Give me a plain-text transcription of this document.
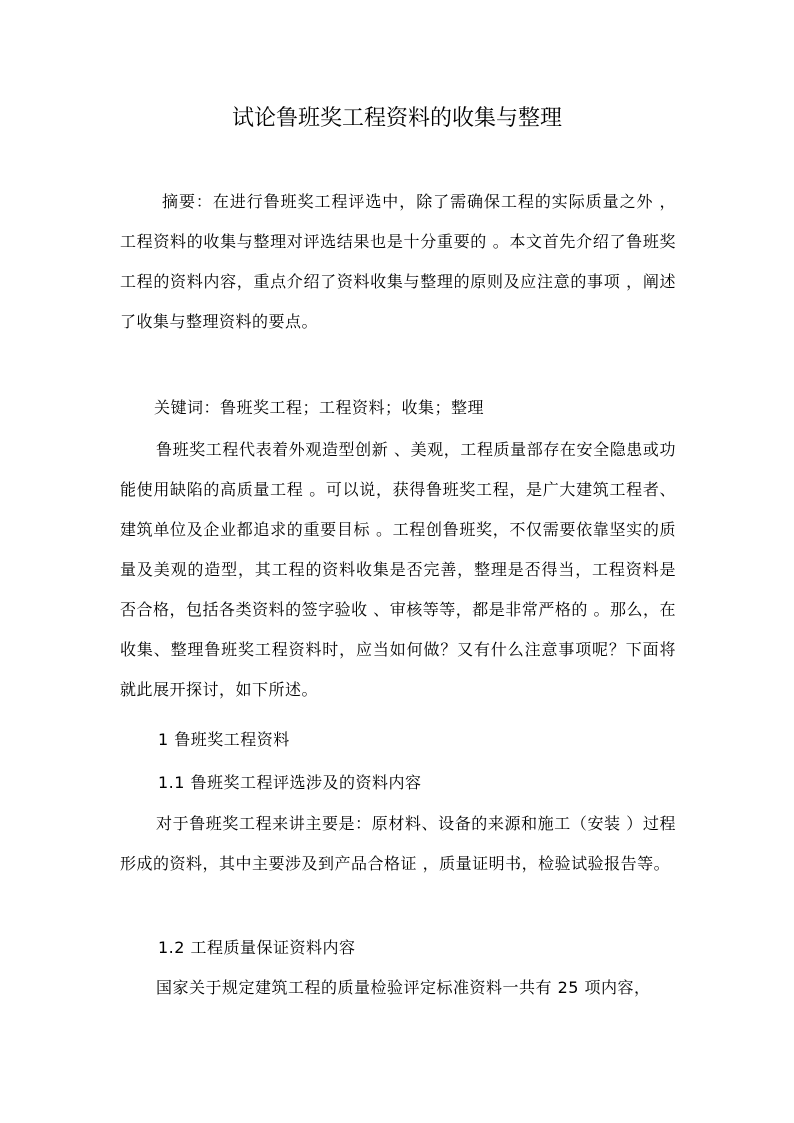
试论鲁班奖工程资料的收集与整理

摘要：在进行鲁班奖工程评选中，除了需确保工程的实际质量之外 ，工程资料的收集与整理对评选结果也是十分重要的 。本文首先介绍了鲁班奖工程的资料内容，重点介绍了资料收集与整理的原则及应注意的事项 ，阐述了收集与整理资料的要点。

关键词：鲁班奖工程；工程资料；收集；整理

鲁班奖工程代表着外观造型创新 、美观，工程质量部存在安全隐患或功能使用缺陷的高质量工程 。可以说，获得鲁班奖工程，是广大建筑工程者、建筑单位及企业都追求的重要目标 。工程创鲁班奖，不仅需要依靠坚实的质量及美观的造型，其工程的资料收集是否完善，整理是否得当，工程资料是否合格，包括各类资料的签字验收 、审核等等，都是非常严格的 。那么，在收集、整理鲁班奖工程资料时，应当如何做？又有什么注意事项呢？下面将就此展开探讨，如下所述。

1 鲁班奖工程资料

1.1 鲁班奖工程评选涉及的资料内容

对于鲁班奖工程来讲主要是：原材料、设备的来源和施工（安装 ）过程形成的资料，其中主要涉及到产品合格证 ，质量证明书，检验试验报告等。

1.2 工程质量保证资料内容

国家关于规定建筑工程的质量检验评定标准资料一共有 25 项内容，
